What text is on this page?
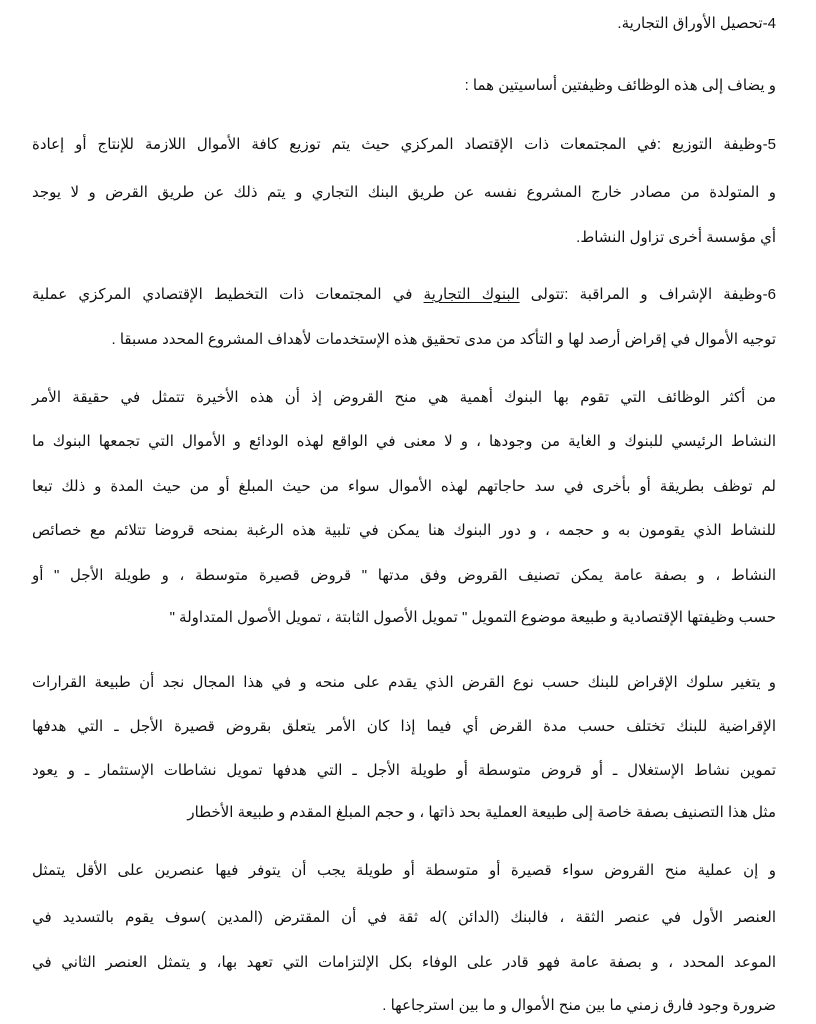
4-تحصيل الأوراق التجارية.
و يضاف إلى هذه الوظائف وظيفتين أساسيتين هما :
5-وظيفة التوزيع :في المجتمعات ذات الإقتصاد المركزي حيث يتم توزيع كافة الأموال اللازمة للإنتاج أو إعادة
و المتولدة من مصادر خارج المشروع نفسه عن طريق البنك التجاري و يتم ذلك عن طريق القرض و لا يوجد
أي مؤسسة أخرى تزاول النشاط.
6-وظيفة الإشراف و المراقبة :تتولى البنوك التجارية في المجتمعات ذات التخطيط الإقتصادي المركزي عملية
توجيه الأموال في إقراض أرصد لها و التأكد من مدى تحقيق هذه الإستخدمات لأهداف المشروع المحدد مسبقا .
من أكثر الوظائف التي تقوم بها البنوك أهمية هي منح القروض إذ أن هذه الأخيرة تتمثل في حقيقة الأمر
النشاط الرئيسي للبنوك و الغاية من وجودها ، و لا معنى في الواقع لهذه الودائع و الأموال التي تجمعها البنوك ما
لم توظف بطريقة أو بأخرى في سد حاجاتهم لهذه الأموال سواء من حيث المبلغ أو من حيث المدة و ذلك تبعا
للنشاط الذي يقومون به و حجمه ، و دور البنوك هنا يمكن في تلبية هذه الرغبة بمنحه قروضا تتلائم مع خصائص
النشاط ، و بصفة عامة يمكن تصنيف القروض وفق مدتها " قروض قصيرة متوسطة ، و طويلة الأجل " أو
حسب وظيفتها الإقتصادية و طبيعة موضوع التمويل " تمويل الأصول الثابتة ، تمويل الأصول المتداولة "
و يتغير سلوك الإقراض للبنك حسب نوع القرض الذي يقدم على منحه و في هذا المجال نجد أن طبيعة القرارات
الإقراضية للبنك تختلف حسب مدة القرض أي فيما إذا كان الأمر يتعلق بقروض قصيرة الأجل ـ التي هدفها
تموين نشاط الإستغلال ـ أو قروض متوسطة أو طويلة الأجل ـ التي هدفها تمويل نشاطات الإستثمار ـ و يعود
مثل هذا التصنيف بصفة خاصة إلى طبيعة العملية بحد ذاتها ، و حجم المبلغ المقدم و طبيعة الأخطار
و إن عملية منح القروض سواء قصيرة أو متوسطة أو طويلة يجب أن يتوفر فيها عنصرين على الأقل يتمثل
العنصر الأول في عنصر الثقة ، فالبنك (الدائن )له ثقة في أن المقترض (المدين )سوف يقوم بالتسديد في
الموعد المحدد ، و بصفة عامة فهو قادر على الوفاء بكل الإلتزامات التي تعهد بها، و يتمثل العنصر الثاني في
ضرورة وجود فارق زمني ما بين منح الأموال و ما بين استرجاعها .
